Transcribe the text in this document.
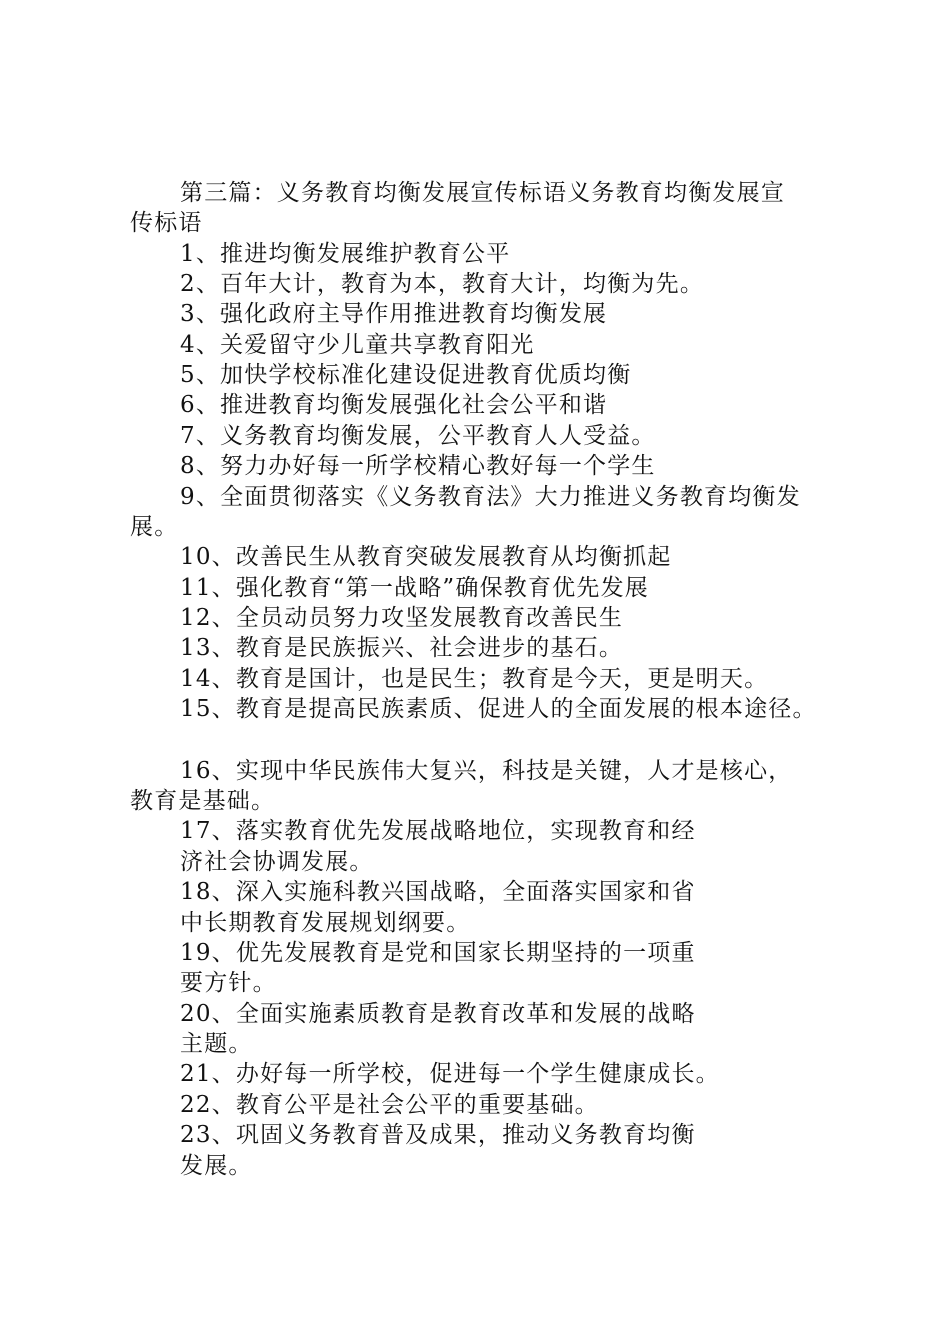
第三篇：义务教育均衡发展宣传标语义务教育均衡发展宣
传标语
1、推进均衡发展维护教育公平
2、百年大计，教育为本，教育大计，均衡为先。
3、强化政府主导作用推进教育均衡发展
4、关爱留守少儿童共享教育阳光
5、加快学校标准化建设促进教育优质均衡
6、推进教育均衡发展强化社会公平和谐
7、义务教育均衡发展，公平教育人人受益。
8、努力办好每一所学校精心教好每一个学生
9、全面贯彻落实《义务教育法》大力推进义务教育均衡发
展。
10、改善民生从教育突破发展教育从均衡抓起
11、强化教育“第一战略”确保教育优先发展
12、全员动员努力攻坚发展教育改善民生
13、教育是民族振兴、社会进步的基石。
14、教育是国计，也是民生；教育是今天，更是明天。
15、教育是提高民族素质、促进人的全面发展的根本途径。
16、实现中华民族伟大复兴，科技是关键，人才是核心，
教育是基础。
17、落实教育优先发展战略地位，实现教育和经
济社会协调发展。
18、深入实施科教兴国战略，全面落实国家和省
中长期教育发展规划纲要。
19、优先发展教育是党和国家长期坚持的一项重
要方针。
20、全面实施素质教育是教育改革和发展的战略
主题。
21、办好每一所学校，促进每一个学生健康成长。
22、教育公平是社会公平的重要基础。
23、巩固义务教育普及成果，推动义务教育均衡
发展。
